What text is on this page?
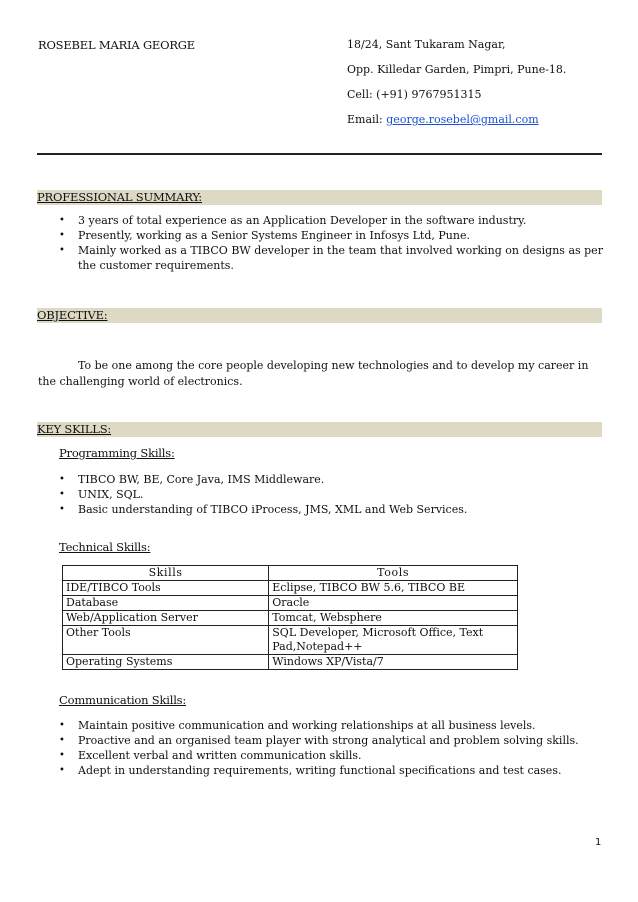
ROSEBEL MARIA GEORGE	18/24, Sant Tukaram Nagar,
Opp. Killedar Garden, Pimpri, Pune-18.
Cell: (+91) 9767951315
Email: george.rosebel@gmail.com
PROFESSIONAL SUMMARY:
• 3 years of total experience as an Application Developer in the software industry.
• Presently, working as a Senior Systems Engineer in Infosys Ltd, Pune.
• Mainly worked as a TIBCO BW developer in the team that involved working on designs as per the customer requirements.
OBJECTIVE:
To be one among the core people developing new technologies and to develop my career in the challenging world of electronics.
KEY SKILLS:
Programming Skills:
• TIBCO BW, BE, Core Java, IMS Middleware.
• UNIX, SQL.
• Basic understanding of TIBCO iProcess, JMS, XML and Web Services.
Technical Skills:
Skills	Tools
IDE/TIBCO Tools	Eclipse, TIBCO BW 5.6, TIBCO BE
Database	Oracle
Web/Application Server	Tomcat, Websphere
Other Tools	SQL Developer, Microsoft Office, Text Pad,Notepad++
Operating Systems	Windows XP/Vista/7
Communication Skills:
• Maintain positive communication and working relationships at all business levels.
• Proactive and an organised team player with strong analytical and problem solving skills.
• Excellent verbal and written communication skills.
• Adept in understanding requirements, writing functional specifications and test cases.
1
